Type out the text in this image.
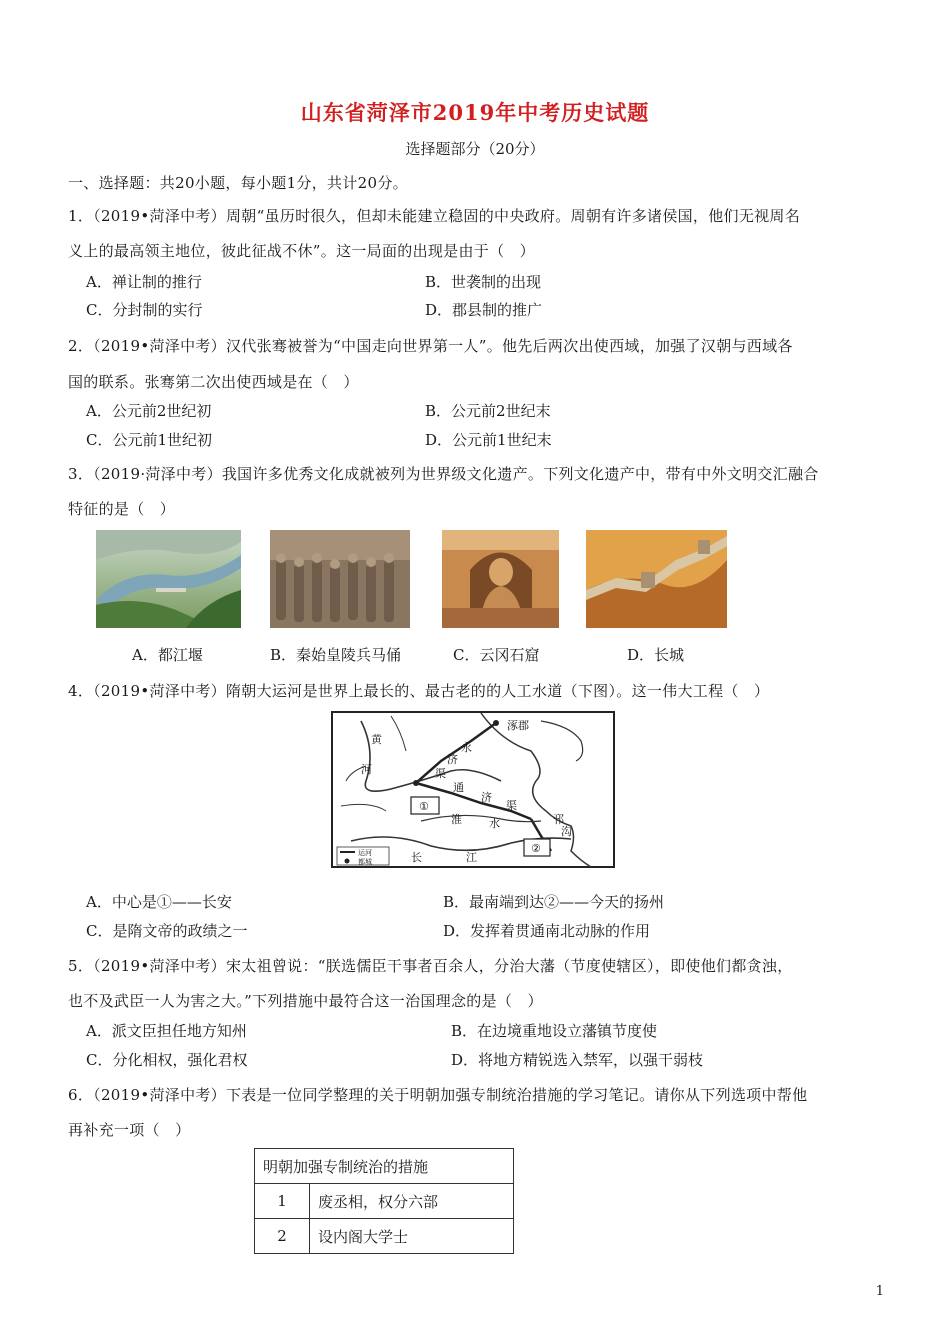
山东省菏泽市2019年中考历史试题
选择题部分（20分）
一、选择题：共20小题，每小题1分，共计20分。
1．（2019•菏泽中考）周朝“虽历时很久，但却未能建立稳固的中央政府。周朝有许多诸侯国，他们无视周名
义上的最高领主地位，彼此征战不休”。这一局面的出现是由于（　）
A．禅让制的推行	B．世袭制的出现
C．分封制的实行	D．郡县制的推广
2．（2019•菏泽中考）汉代张骞被誉为“中国走向世界第一人”。他先后两次出使西域，加强了汉朝与西域各
国的联系。张骞第二次出使西域是在（　）
A．公元前2世纪初	B．公元前2世纪末
C．公元前1世纪初	D．公元前1世纪末
3．（2019·菏泽中考）我国许多优秀文化成就被列为世界级文化遗产。下列文化遗产中，带有中外文明交汇融合
特征的是（　）
A．都江堰	B．秦始皇陵兵马俑	C．云冈石窟	D．长城
4．（2019•菏泽中考）隋朝大运河是世界上最长的、最古老的的人工水道（下图）。这一伟大工程（　）
①
②
涿郡
黄
河
永
济
渠
通
济
渠
淮 水
长	江
邗
沟
运河
都城
A．中心是①——长安	B．最南端到达②——今天的扬州
C．是隋文帝的政绩之一	D．发挥着贯通南北动脉的作用
5．（2019•菏泽中考）宋太祖曾说：“朕选儒臣干事者百余人，分治大藩（节度使辖区），即使他们都贪浊，
也不及武臣一人为害之大。”下列措施中最符合这一治国理念的是（　）
A．派文臣担任地方知州	B．在边境重地设立藩镇节度使
C．分化相权，强化君权	D．将地方精锐选入禁军，以强干弱枝
6．（2019•菏泽中考）下表是一位同学整理的关于明朝加强专制统治措施的学习笔记。请你从下列选项中帮他
再补充一项（　）
明朝加强专制统治的措施	
1	废丞相，权分六部
2	设内阁大学士
1
